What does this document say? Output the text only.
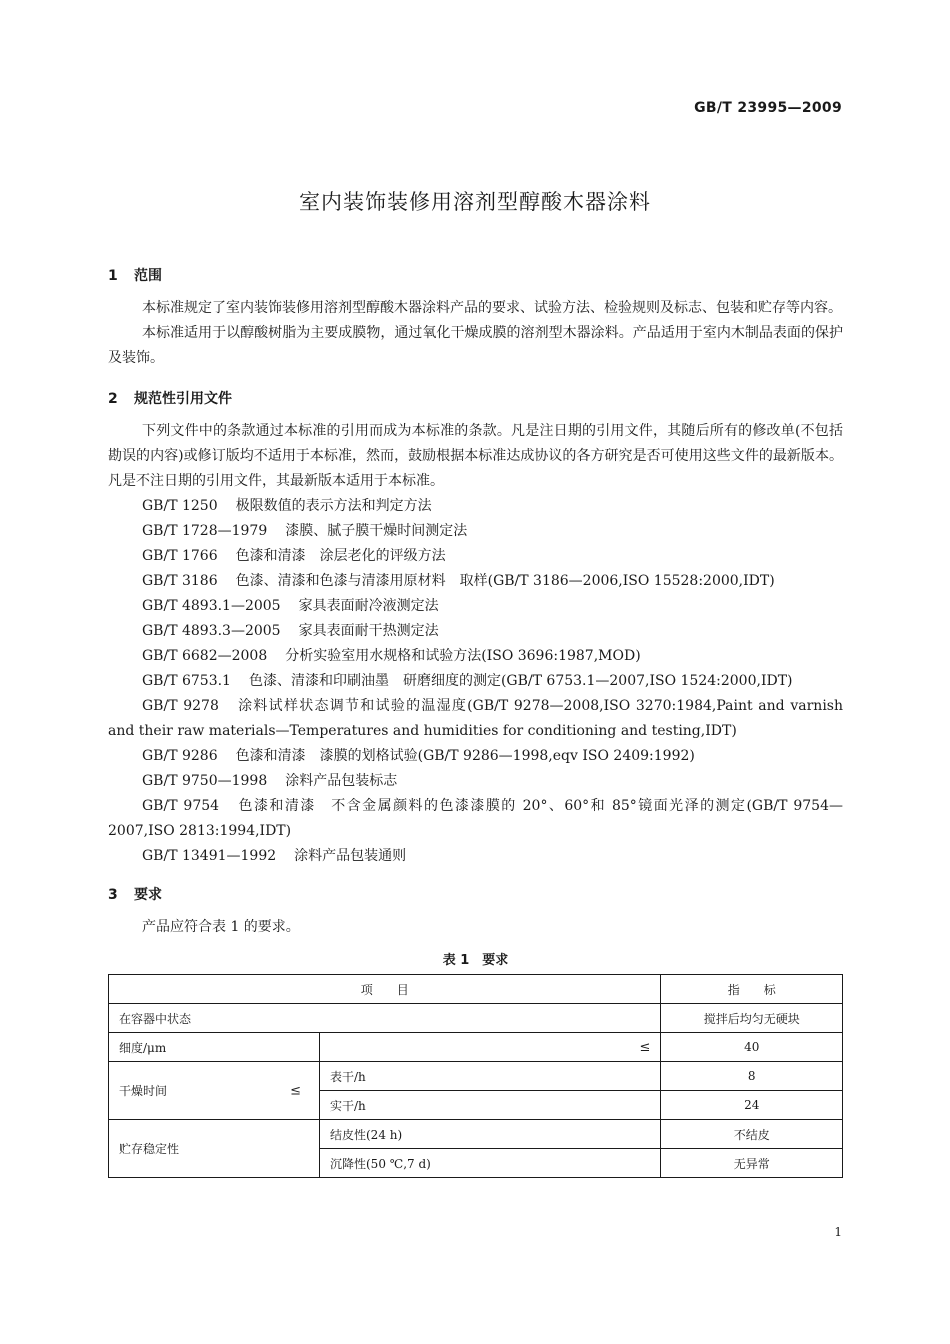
GB/T 23995—2009
室内装饰装修用溶剂型醇酸木器涂料
1 范围

本标准规定了室内装饰装修用溶剂型醇酸木器涂料产品的要求、试验方法、检验规则及标志、包装和贮存等内容。

本标准适用于以醇酸树脂为主要成膜物，通过氧化干燥成膜的溶剂型木器涂料。产品适用于室内木制品表面的保护及装饰。

2 规范性引用文件

下列文件中的条款通过本标准的引用而成为本标准的条款。凡是注日期的引用文件，其随后所有的修改单(不包括勘误的内容)或修订版均不适用于本标准，然而，鼓励根据本标准达成协议的各方研究是否可使用这些文件的最新版本。凡是不注日期的引用文件，其最新版本适用于本标准。

GB/T 1250 极限数值的表示方法和判定方法

GB/T 1728—1979 漆膜、腻子膜干燥时间测定法

GB/T 1766 色漆和清漆　涂层老化的评级方法

GB/T 3186 色漆、清漆和色漆与清漆用原材料　取样(GB/T 3186—2006,ISO 15528:2000,IDT)

GB/T 4893.1—2005 家具表面耐冷液测定法

GB/T 4893.3—2005 家具表面耐干热测定法

GB/T 6682—2008 分析实验室用水规格和试验方法(ISO 3696:1987,MOD)

GB/T 6753.1 色漆、清漆和印刷油墨　研磨细度的测定(GB/T 6753.1—2007,ISO 1524:2000,IDT)

GB/T 9278 涂料试样状态调节和试验的温湿度(GB/T 9278—2008,ISO 3270:1984,Paint and varnish and their raw materials—Temperatures and humidities for conditioning and testing,IDT)

GB/T 9286 色漆和清漆　漆膜的划格试验(GB/T 9286—1998,eqv ISO 2409:1992)

GB/T 9750—1998 涂料产品包装标志

GB/T 9754 色漆和清漆　不含金属颜料的色漆漆膜的 20°、60°和 85°镜面光泽的测定(GB/T 9754—2007,ISO 2813:1994,IDT)

GB/T 13491—1992 涂料产品包装通则

3 要求

产品应符合表 1 的要求。

表 1　要求
项　　目		指　　标
在容器中状态		搅拌后均匀无硬块
细度/μm	≤	40
干燥时间 ≤	表干/h	8
	实干/h	24
贮存稳定性	结皮性(24 h)	不结皮
	沉降性(50 ℃,7 d)	无异常
1
